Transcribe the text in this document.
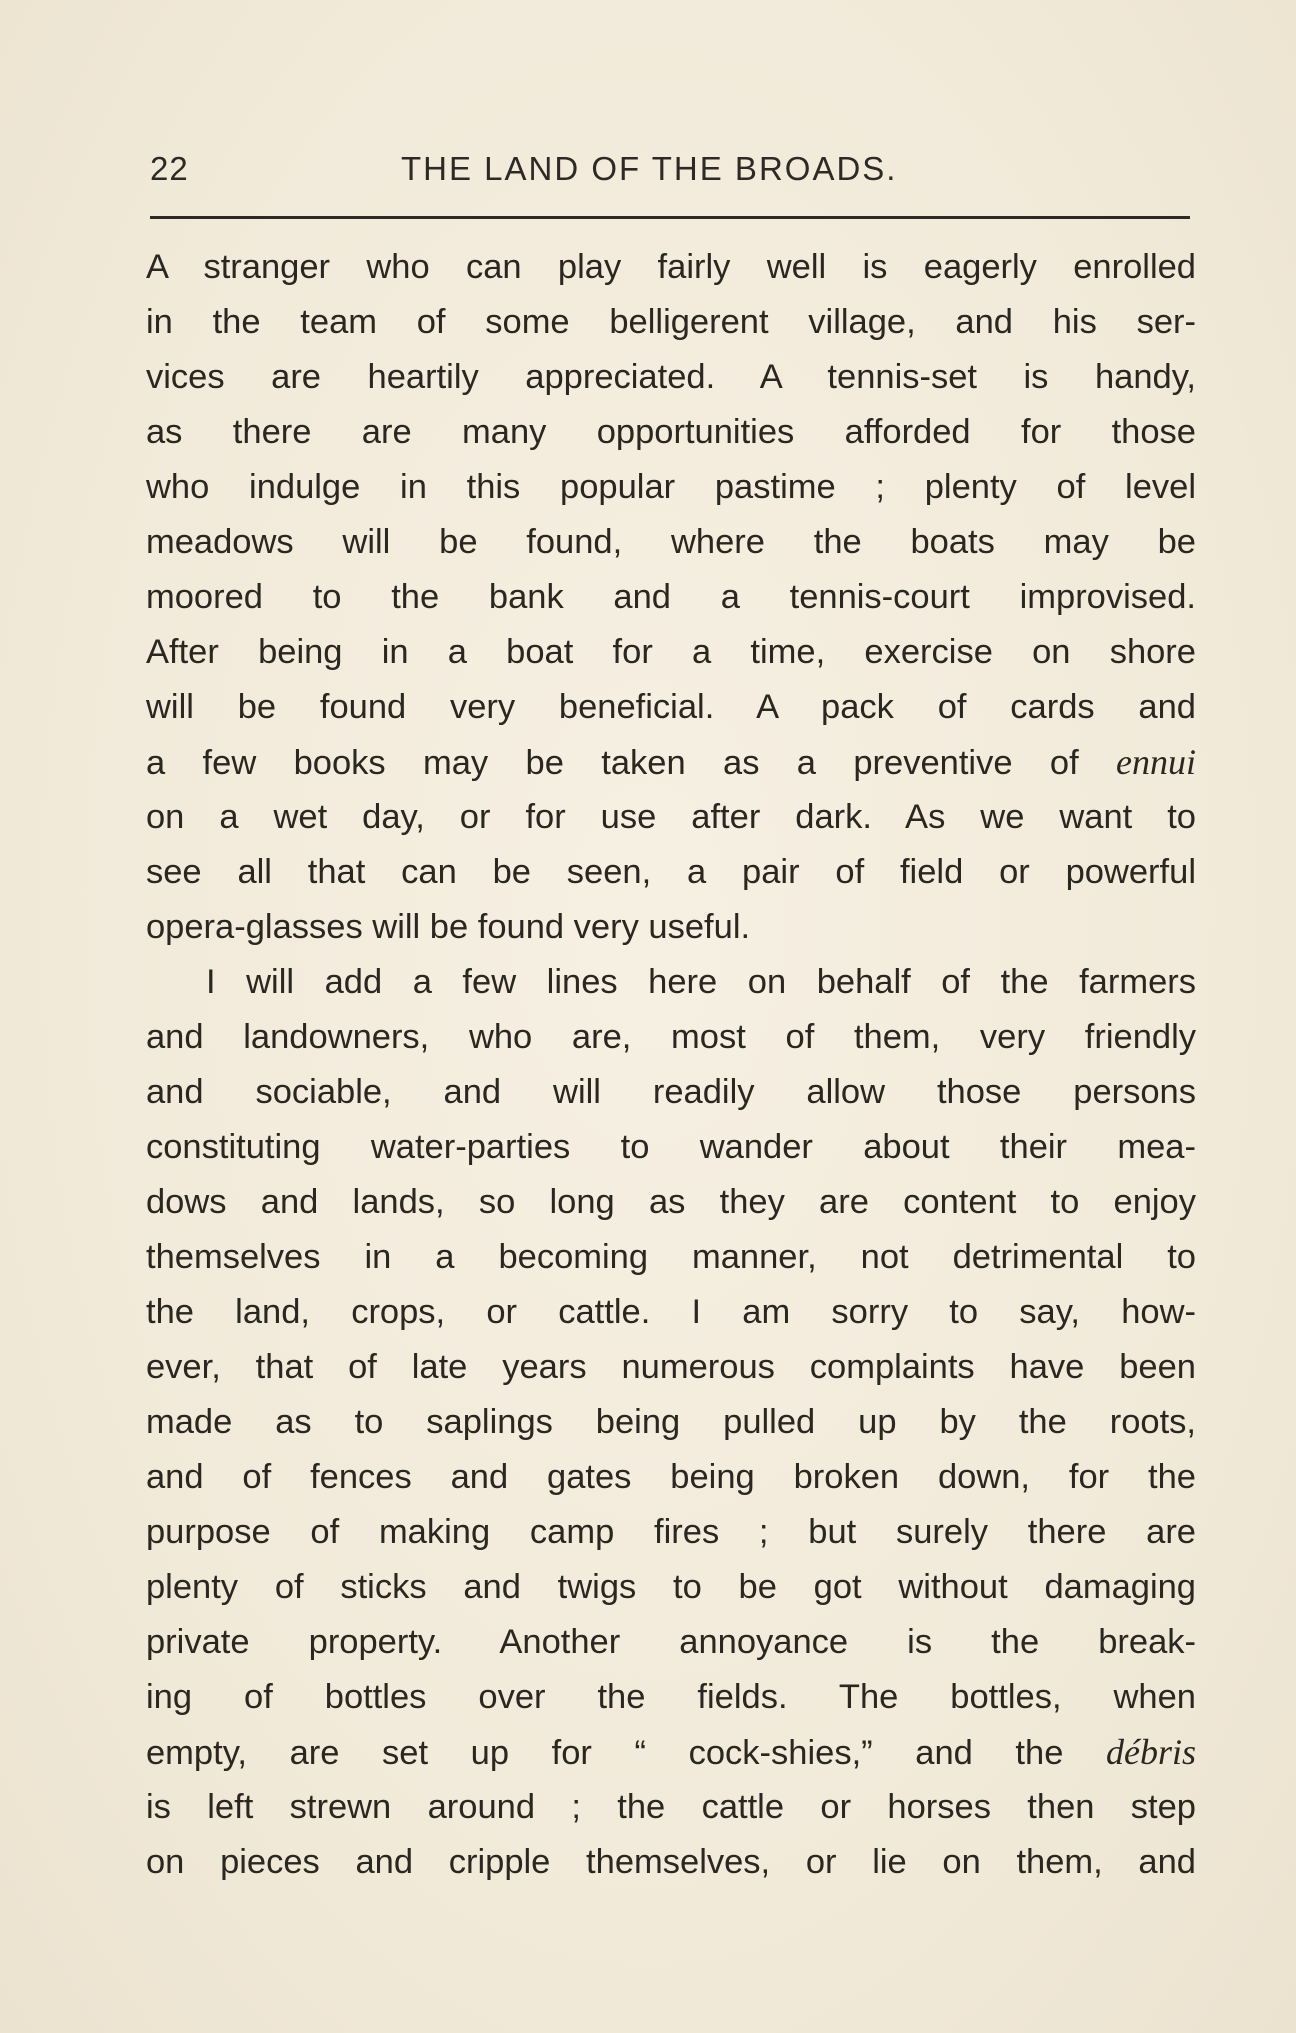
22	THE LAND OF THE BROADS.
A stranger who can play fairly well is eagerly enrolled
in the team of some belligerent village, and his ser-
vices are heartily appreciated. A tennis-set is handy,
as there are many opportunities afforded for those
who indulge in this popular pastime ; plenty of level
meadows will be found, where the boats may be
moored to the bank and a tennis-court improvised.
After being in a boat for a time, exercise on shore
will be found very beneficial. A pack of cards and
a few books may be taken as a preventive of ennui
on a wet day, or for use after dark. As we want to
see all that can be seen, a pair of field or powerful
opera-glasses will be found very useful.
I will add a few lines here on behalf of the farmers
and landowners, who are, most of them, very friendly
and sociable, and will readily allow those persons
constituting water-parties to wander about their mea-
dows and lands, so long as they are content to enjoy
themselves in a becoming manner, not detrimental to
the land, crops, or cattle. I am sorry to say, how-
ever, that of late years numerous complaints have been
made as to saplings being pulled up by the roots,
and of fences and gates being broken down, for the
purpose of making camp fires ; but surely there are
plenty of sticks and twigs to be got without damaging
private property. Another annoyance is the break-
ing of bottles over the fields. The bottles, when
empty, are set up for “ cock-shies,” and the débris
is left strewn around ; the cattle or horses then step
on pieces and cripple themselves, or lie on them, and
